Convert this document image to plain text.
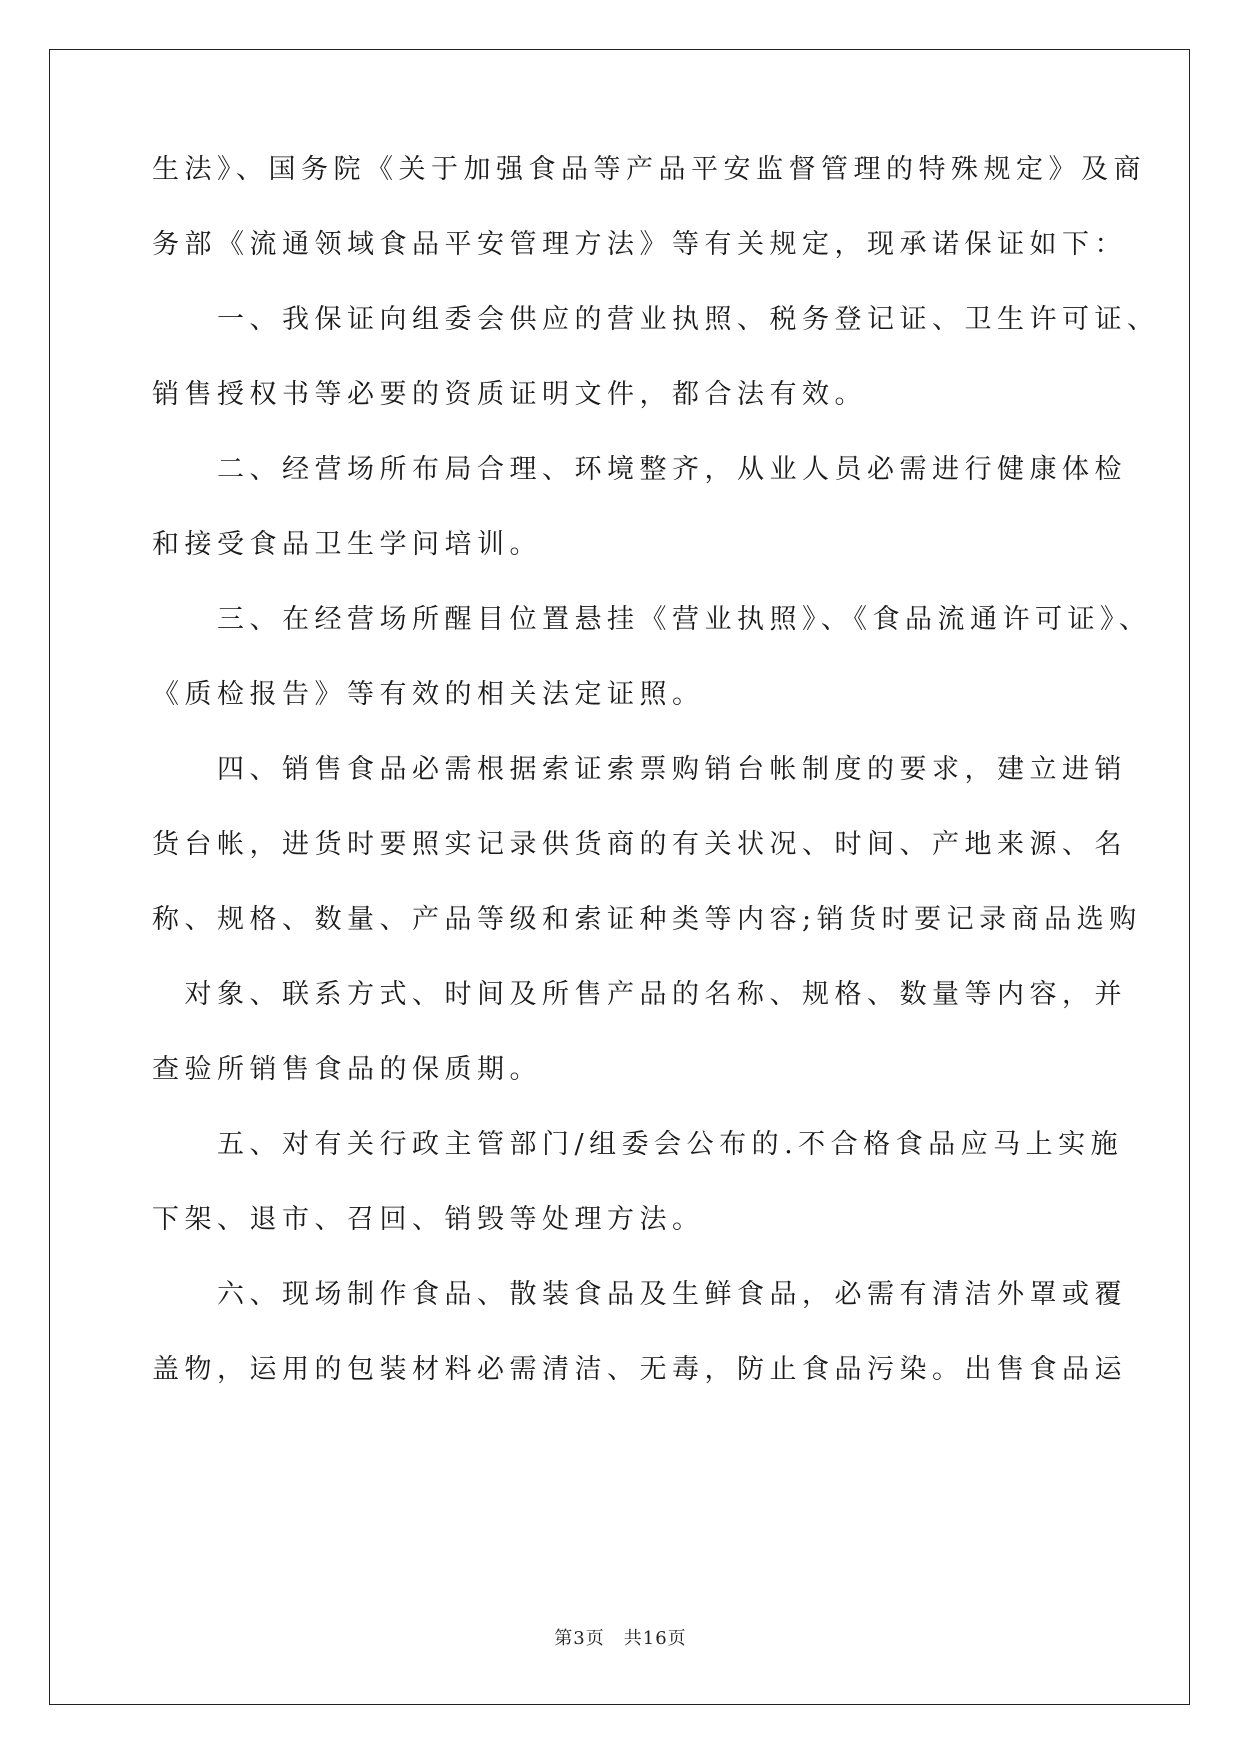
生法》、国务院《关于加强食品等产品平安监督管理的特殊规定》及商
务部《流通领域食品平安管理方法》等有关规定，现承诺保证如下：
　　一、我保证向组委会供应的营业执照、税务登记证、卫生许可证、
销售授权书等必要的资质证明文件，都合法有效。
　　二、经营场所布局合理、环境整齐，从业人员必需进行健康体检
和接受食品卫生学问培训。
　　三、在经营场所醒目位置悬挂《营业执照》、《食品流通许可证》、
《质检报告》等有效的相关法定证照。
　　四、销售食品必需根据索证索票购销台帐制度的要求，建立进销
货台帐，进货时要照实记录供货商的有关状况、时间、产地来源、名
称、规格、数量、产品等级和索证种类等内容;销货时要记录商品选购
　对象、联系方式、时间及所售产品的名称、规格、数量等内容，并
查验所销售食品的保质期。
　　五、对有关行政主管部门/组委会公布的.不合格食品应马上实施
下架、退市、召回、销毁等处理方法。
　　六、现场制作食品、散装食品及生鲜食品，必需有清洁外罩或覆
盖物，运用的包装材料必需清洁、无毒，防止食品污染。出售食品运
第3页　共16页
